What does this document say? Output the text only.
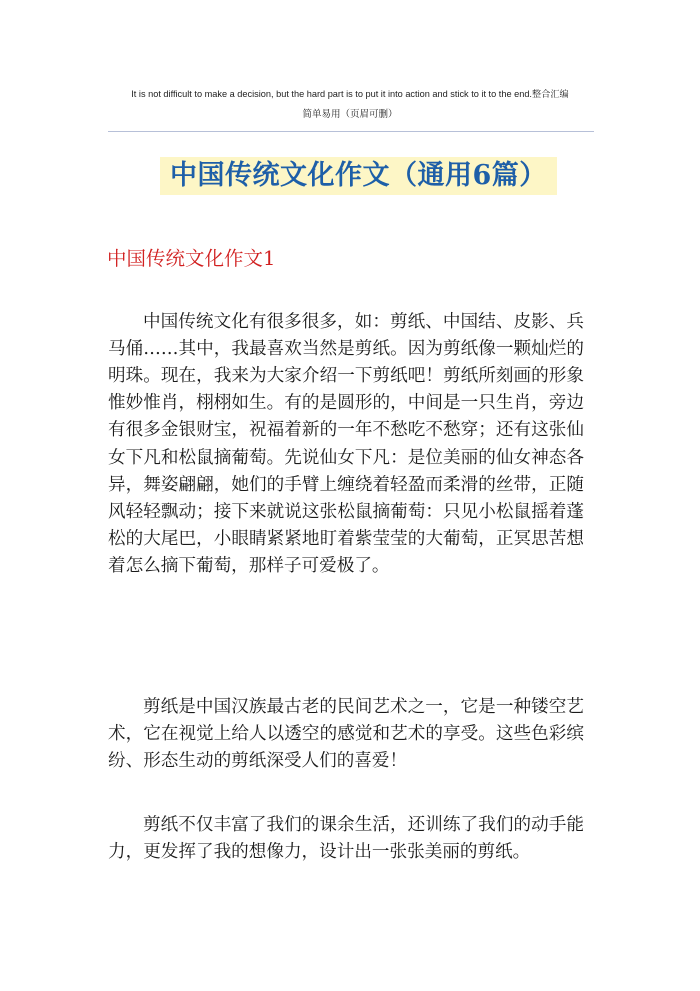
It is not difficult to make a decision, but the hard part is to put it into action and stick to it to the end.整合汇编
简单易用（页眉可删）
中国传统文化作文（通用6篇）
中国传统文化作文1

中国传统文化有很多很多，如：剪纸、中国结、皮影、兵马俑……其中，我最喜欢当然是剪纸。因为剪纸像一颗灿烂的明珠。现在，我来为大家介绍一下剪纸吧！剪纸所刻画的形象惟妙惟肖，栩栩如生。有的是圆形的，中间是一只生肖，旁边有很多金银财宝，祝福着新的一年不愁吃不愁穿；还有这张仙女下凡和松鼠摘葡萄。先说仙女下凡：是位美丽的仙女神态各异，舞姿翩翩，她们的手臂上缠绕着轻盈而柔滑的丝带，正随风轻轻飘动；接下来就说这张松鼠摘葡萄：只见小松鼠摇着蓬松的大尾巴，小眼睛紧紧地盯着紫莹莹的大葡萄，正冥思苦想着怎么摘下葡萄，那样子可爱极了。

剪纸是中国汉族最古老的民间艺术之一，它是一种镂空艺术，它在视觉上给人以透空的感觉和艺术的享受。这些色彩缤纷、形态生动的剪纸深受人们的喜爱！

剪纸不仅丰富了我们的课余生活，还训练了我们的动手能力，更发挥了我的想像力，设计出一张张美丽的剪纸。
